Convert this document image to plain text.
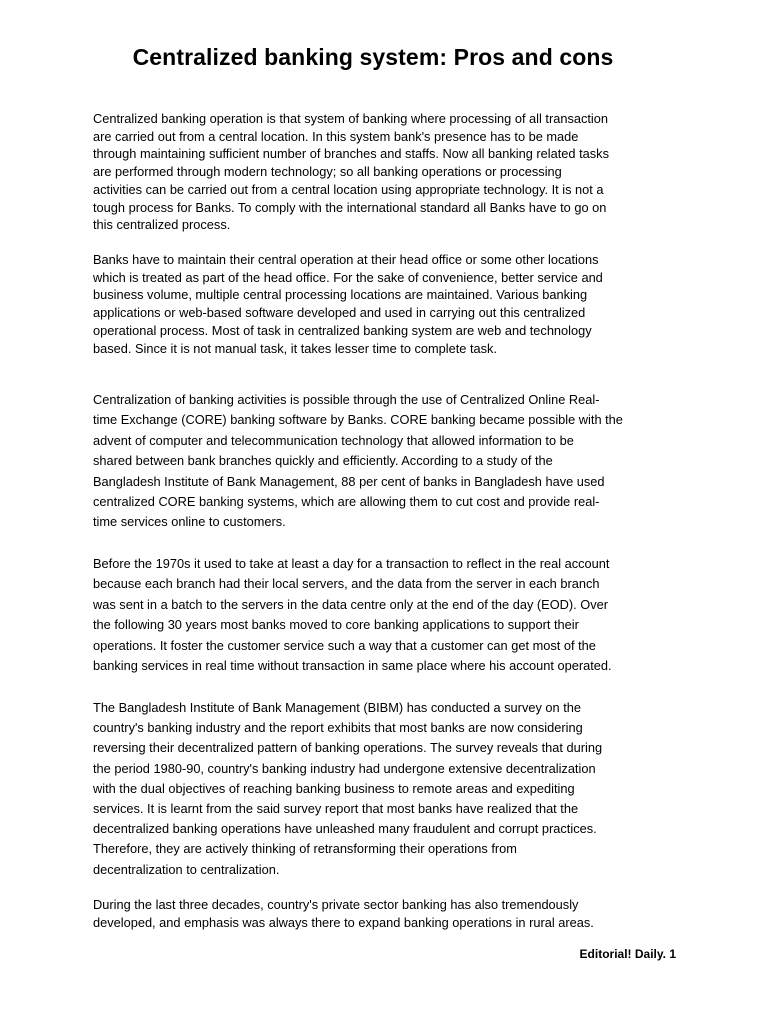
Centralized banking system: Pros and cons
Centralized banking operation is that system of banking where processing of all transaction
are carried out from a central location. In this system bank's presence has to be made
through maintaining sufficient number of branches and staffs. Now all banking related tasks
are performed through modern technology; so all banking operations or processing
activities can be carried out from a central location using appropriate technology. It is not a
tough process for Banks. To comply with the international standard all Banks have to go on
this centralized process.
Banks have to maintain their central operation at their head office or some other locations
which is treated as part of the head office. For the sake of convenience, better service and
business volume, multiple central processing locations are maintained. Various banking
applications or web-based software developed and used in carrying out this centralized
operational process. Most of task in centralized banking system are web and technology
based. Since it is not manual task, it takes lesser time to complete task.
Centralization of banking activities is possible through the use of Centralized Online Real-
time Exchange (CORE) banking software by Banks. CORE banking became possible with the
advent of computer and telecommunication technology that allowed information to be
shared between bank branches quickly and efficiently. According to a study of the
Bangladesh Institute of Bank Management, 88 per cent of banks in Bangladesh have used
centralized CORE banking systems, which are allowing them to cut cost and provide real-
time services online to customers.
Before the 1970s it used to take at least a day for a transaction to reflect in the real account
because each branch had their local servers, and the data from the server in each branch
was sent in a batch to the servers in the data centre only at the end of the day (EOD). Over
the following 30 years most banks moved to core banking applications to support their
operations. It foster the customer service such a way that a customer can get most of the
banking services in real time without transaction in same place where his account operated.
The Bangladesh Institute of Bank Management (BIBM) has conducted a survey on the
country's banking industry and the report exhibits that most banks are now considering
reversing their decentralized pattern of banking operations. The survey reveals that during
the period 1980-90, country's banking industry had undergone extensive decentralization
with the dual objectives of reaching banking business to remote areas and expediting
services. It is learnt from the said survey report that most banks have realized that the
decentralized banking operations have unleashed many fraudulent and corrupt practices.
Therefore, they are actively thinking of retransforming their operations from
decentralization to centralization.
During the last three decades, country's private sector banking has also tremendously
developed, and emphasis was always there to expand banking operations in rural areas.

Editorial! Daily. 1
